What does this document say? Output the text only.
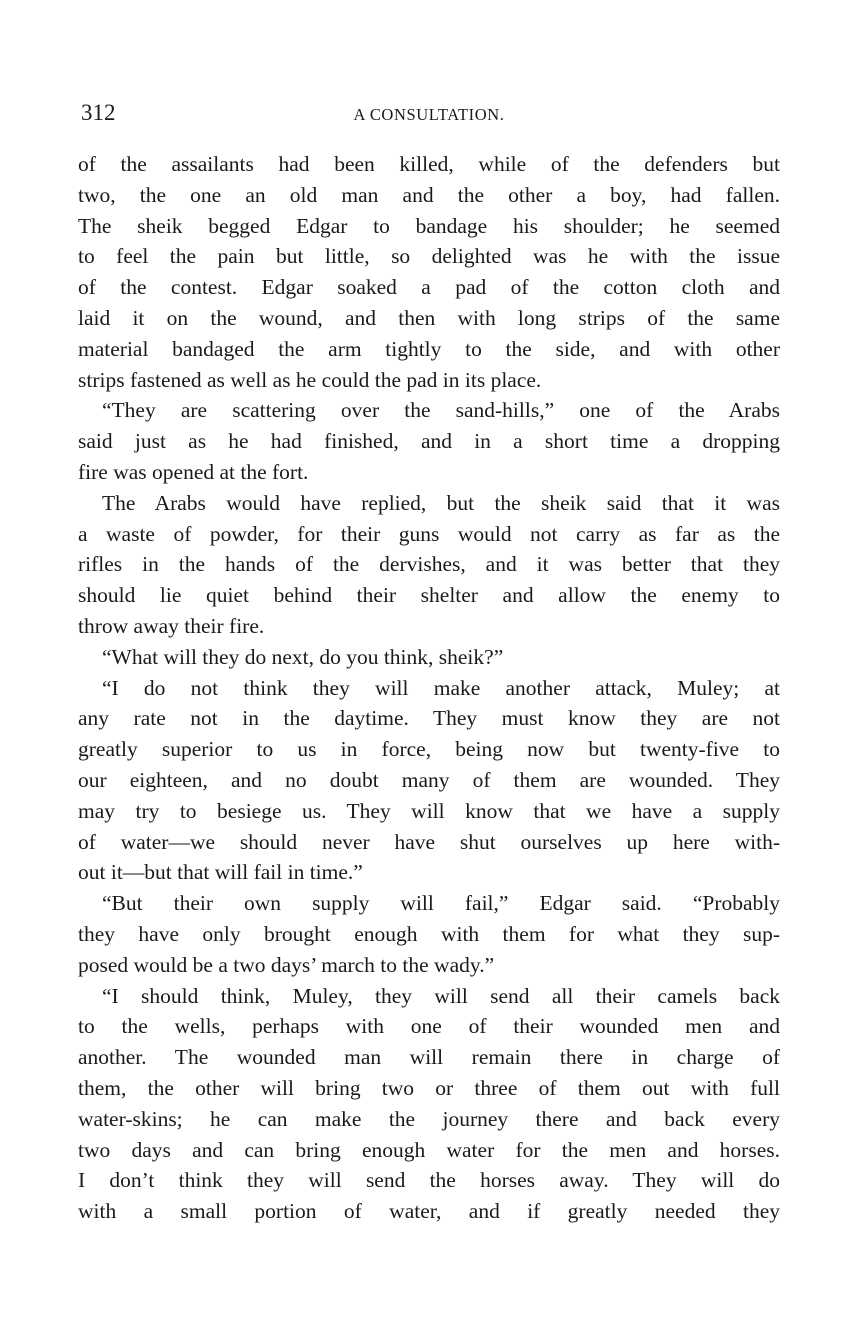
312	A CONSULTATION.
of the assailants had been killed, while of the defenders but
two, the one an old man and the other a boy, had fallen.
The sheik begged Edgar to bandage his shoulder; he seemed
to feel the pain but little, so delighted was he with the issue
of the contest. Edgar soaked a pad of the cotton cloth and
laid it on the wound, and then with long strips of the same
material bandaged the arm tightly to the side, and with other
strips fastened as well as he could the pad in its place.
“They are scattering over the sand-hills,” one of the Arabs
said just as he had finished, and in a short time a dropping
fire was opened at the fort.
The Arabs would have replied, but the sheik said that it was
a waste of powder, for their guns would not carry as far as the
rifles in the hands of the dervishes, and it was better that they
should lie quiet behind their shelter and allow the enemy to
throw away their fire.
“What will they do next, do you think, sheik?”
“I do not think they will make another attack, Muley; at
any rate not in the daytime. They must know they are not
greatly superior to us in force, being now but twenty-five to
our eighteen, and no doubt many of them are wounded. They
may try to besiege us. They will know that we have a supply
of water—we should never have shut ourselves up here with-
out it—but that will fail in time.”
“But their own supply will fail,” Edgar said. “Probably
they have only brought enough with them for what they sup-
posed would be a two days’ march to the wady.”
“I should think, Muley, they will send all their camels back
to the wells, perhaps with one of their wounded men and
another. The wounded man will remain there in charge of
them, the other will bring two or three of them out with full
water-skins; he can make the journey there and back every
two days and can bring enough water for the men and horses.
I don’t think they will send the horses away. They will do
with a small portion of water, and if greatly needed they
